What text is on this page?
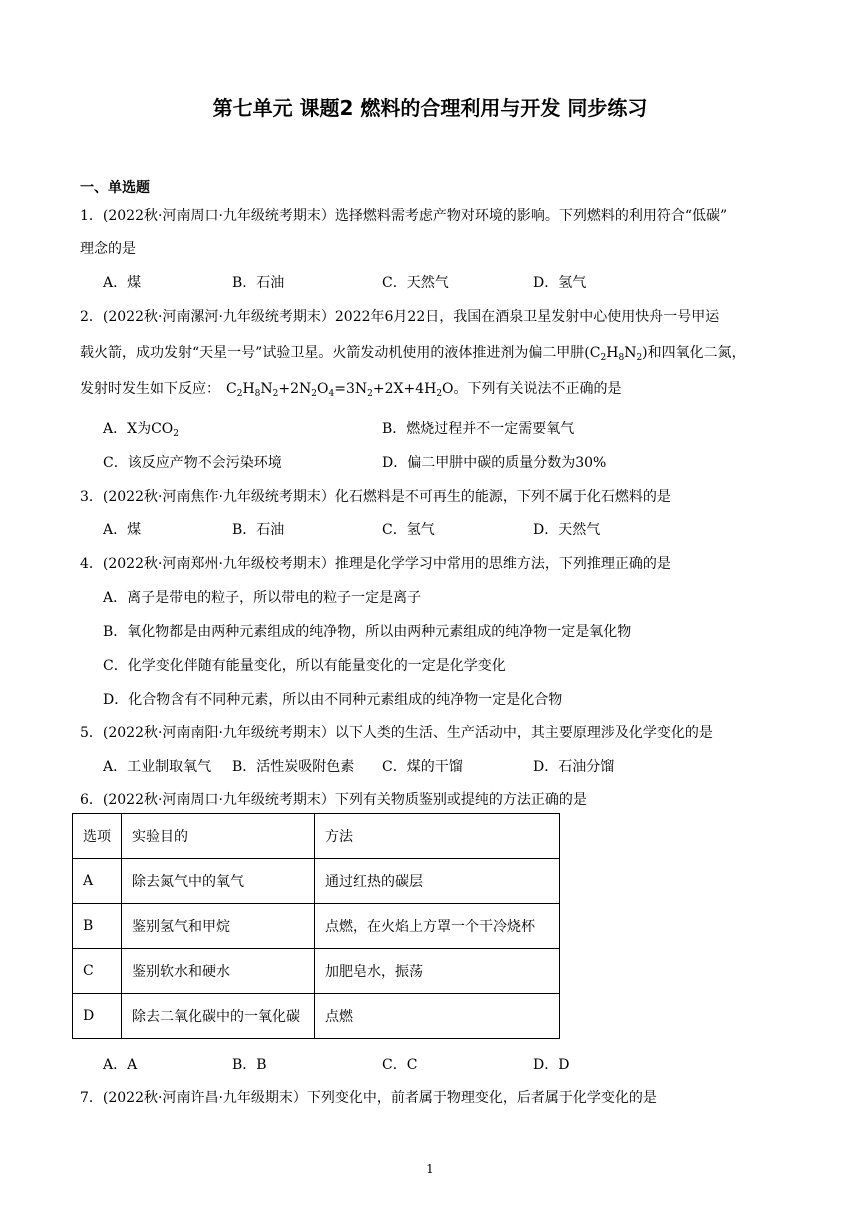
第七单元 课题2 燃料的合理利用与开发 同步练习
一、单选题
1．(2022秋·河南周口·九年级统考期末）选择燃料需考虑产物对环境的影响。下列燃料的利用符合“低碳”
理念的是
A．煤	B．石油	C．天然气	D．氢气
2．(2022秋·河南漯河·九年级统考期末）2022年6月22日，我国在酒泉卫星发射中心使用快舟一号甲运
载火箭，成功发射“天星一号”试验卫星。火箭发动机使用的液体推进剂为偏二甲肼$(C_2H_8N_2)$和四氧化二氮，
发射时发生如下反应： $C_2H_8N_2+2N_2O_4=3N_2+2X+4H_2O$。下列有关说法不正确的是
A．X为$CO_2$	B．燃烧过程并不一定需要氧气
C．该反应产物不会污染环境	D．偏二甲肼中碳的质量分数为30%
3．(2022秋·河南焦作·九年级统考期末）化石燃料是不可再生的能源，下列不属于化石燃料的是
A．煤	B．石油	C．氢气	D．天然气
4．(2022秋·河南郑州·九年级校考期末）推理是化学学习中常用的思维方法，下列推理正确的是
A．离子是带电的粒子，所以带电的粒子一定是离子
B．氧化物都是由两种元素组成的纯净物，所以由两种元素组成的纯净物一定是氧化物
C．化学变化伴随有能量变化，所以有能量变化的一定是化学变化
D．化合物含有不同种元素，所以由不同种元素组成的纯净物一定是化合物
5．(2022秋·河南南阳·九年级统考期末）以下人类的生活、生产活动中，其主要原理涉及化学变化的是
A．工业制取氧气 B．活性炭吸附色素 C．煤的干馏	D．石油分馏
6．(2022秋·河南周口·九年级统考期末）下列有关物质鉴别或提纯的方法正确的是
选项	实验目的	方法
A	除去氮气中的氧气	通过红热的碳层
B	鉴别氢气和甲烷	点燃，在火焰上方罩一个干冷烧杯
C	鉴别软水和硬水	加肥皂水，振荡
D	除去二氧化碳中的一氧化碳	点燃
A．A	B．B	C．C	D．D
7．(2022秋·河南许昌·九年级期末）下列变化中，前者属于物理变化，后者属于化学变化的是
1
